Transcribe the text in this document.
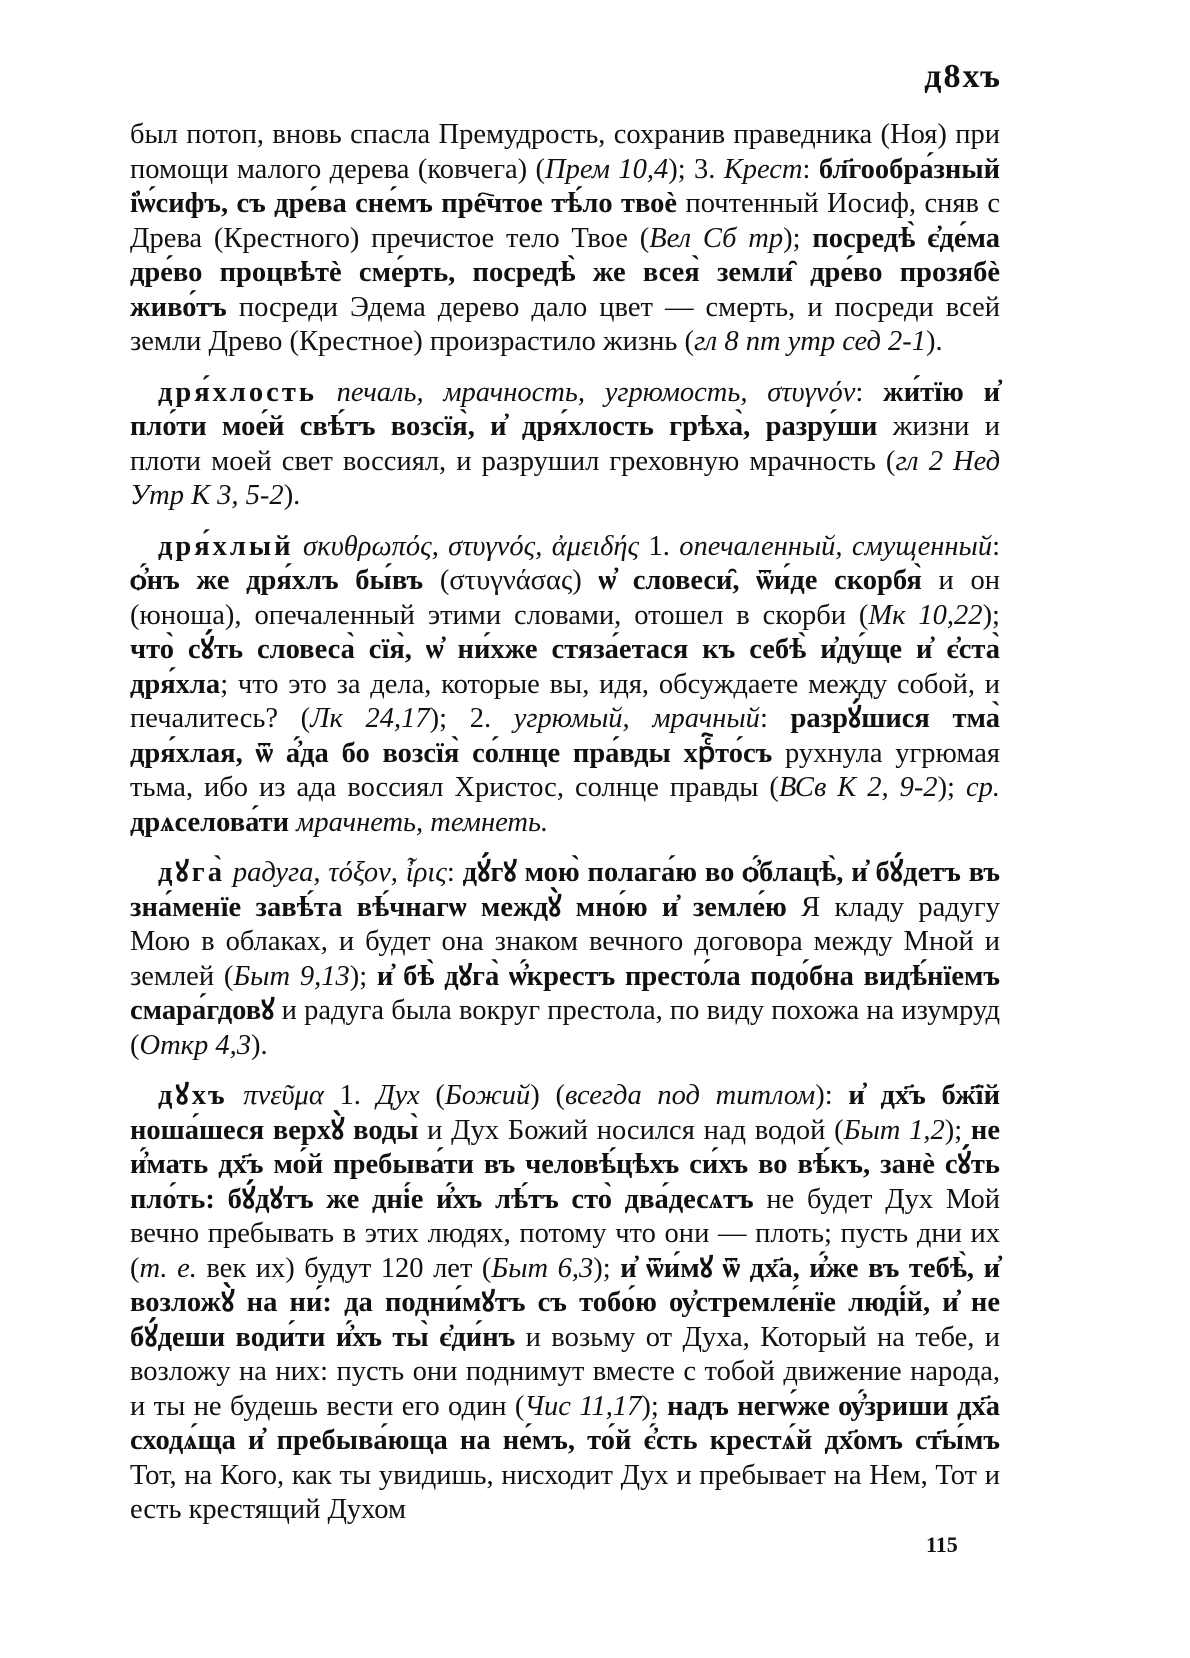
д8хъ

был потоп, вновь спасла Премудрость, сохранив праведника (Ноя) при помощи малого дерева (ковчега) (Прем 10,4); 3. Крест: бл҃гообра́зный і̓ѡ́сифъ, съ дре́ва сне́мъ пре҇чтое тѣ́ло твоѐ почтенный Иосиф, сняв с Древа (Крестного) пречистое тело Твое (Вел Сб тр); посредѣ̀ є̓де́ма дре́во процвѣтѐ сме́рть, посредѣ̀ же всея̀ земли̑ дре́во прозябѐ живо́тъ посреди Эдема дерево дало цвет — смерть, и посреди всей земли Древо (Крестное) произрастило жизнь (гл 8 пт утр сед 2-1).

дря́хлость печаль, мрачность, угрюмость, στυγνόν: жи́тїю и̓ пло́ти мое́й свѣ́тъ возсїя̀, и̓ дря́хлость грѣха̀, разру́ши жизни и плоти моей свет воссиял, и разрушил греховную мрачность (гл 2 Нед Утр К 3, 5-2).

дря́хлый σκυθρωπός, στυγνός, ἀμειδής 1. опечаленный, смущенный: ѻ҆́нъ же дря́хлъ бы́въ (στυγνάσας) ѡ҆ словеси̑, ѿи́де скорбя̀ и он (юноша), опечаленный этими словами, отошел в скорби (Мк 10,22); что̀ сꙋ́ть словеса̀ сїя̀, ѡ҆ ни́хже стяза́етася къ себѣ̀ и҆ду́ще и҆ є҆ста̀ дря́хла; что это за дела, которые вы, идя, обсуждаете между собой, и печалитесь? (Лк 24,17); 2. угрюмый, мрачный: разрꙋ́шися тма̀ дря́хлая, ѿ а҆́да бо возсїя̀ со́лнце пра́вды хрⷭ҇то́съ рухнула угрюмая тьма, ибо из ада воссиял Христос, солнце правды (ВСв К 2, 9-2); ср. дрѧселова́ти мрачнеть, темнеть.

дꙋга̀ радуга, τόξον, ἶρις: дꙋ́гꙋ мою̀ полага́ю во ѻ҆́блацѣ̀, и҆ бꙋ́детъ въ зна́менїе завѣ́та вѣ́чнагѡ междꙋ̀ мно́ю и҆ земле́ю Я кладу радугу Мою в облаках, и будет она знаком вечного договора между Мной и землей (Быт 9,13); и҆ бѣ̀ дꙋга̀ ѡ҆́крестъ престо́ла подо́бна видѣ́нїемъ смара́гдовꙋ и радуга была вокруг престола, по виду похожа на изумруд (Откр 4,3).

дꙋхъ πνεῦμα 1. Дух (Божий) (всегда под титлом): и҆ дх҃ъ бж҃їй ноша́шеся верхꙋ̀ воды̀ и Дух Божий носился над водой (Быт 1,2); не и҆́мать дх҃ъ мо́й пребыва́ти въ человѣ́цѣхъ си́хъ во вѣ́къ, занѐ сꙋ́ть пло́ть: бꙋ́дꙋтъ же дні́е и҆́хъ лѣ́тъ сто̀ два́десѧтъ не будет Дух Мой вечно пребывать в этих людях, потому что они — плоть; пусть дни их (т. е. век их) будут 120 лет (Быт 6,3); и҆ ѿи́мꙋ ѿ дх҃а, и҆́же въ тебѣ̀, и҆ возложꙋ̀ на ни́: да подни́мꙋтъ съ тобо́ю ѹ҆стремле́нїе люді́й, и҆ не бꙋ́деши води́ти и҆́хъ ты̀ є҆ди́нъ и возьму от Духа, Который на тебе, и возложу на них: пусть они поднимут вместе с тобой движение народа, и ты не будешь вести его один (Чис 11,17); надъ негѡ́же ѹ҆́зриши дх҃а сходѧ́ща и҆ пребыва́юща на не́мъ, то́й є҆́сть крестѧ́й дх҃омъ ст҃ы́мъ Тот, на Кого, как ты увидишь, нисходит Дух и пребывает на Нем, Тот и есть крестящий Духом

115
